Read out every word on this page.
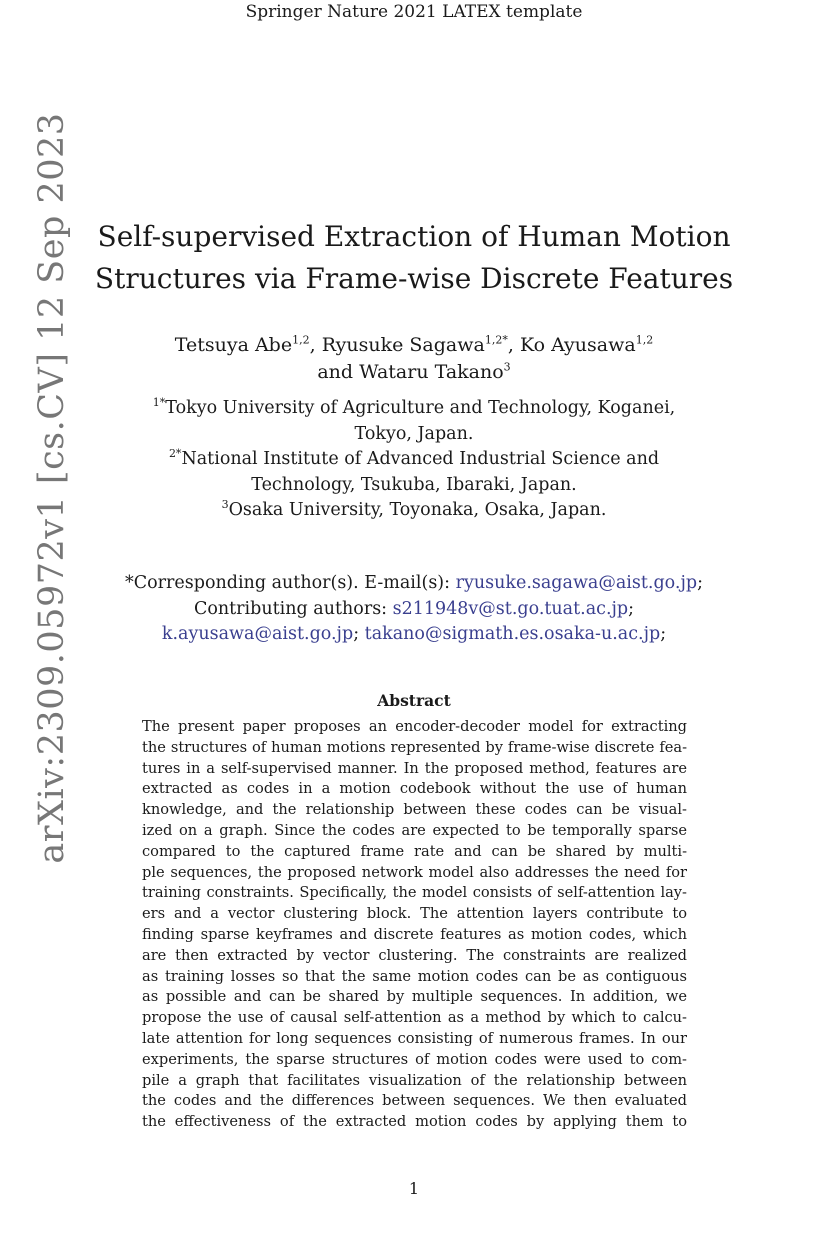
Springer Nature 2021 LATEX template
arXiv:2309.05972v1 [cs.CV] 12 Sep 2023 Self-supervised Extraction of Human Motion
Structures via Frame-wise Discrete Features
Tetsuya Abe$^{1,2}$, Ryusuke Sagawa$^{1,2*}$, Ko Ayusawa$^{1,2}$
and Wataru Takano$^3$
$^{1*}$Tokyo University of Agriculture and Technology, Koganei,
Tokyo, Japan.
$^{2*}$National Institute of Advanced Industrial Science and
Technology, Tsukuba, Ibaraki, Japan.
$^3$Osaka University, Toyonaka, Osaka, Japan.
*Corresponding author(s). E-mail(s): ryusuke.sagawa@aist.go.jp;
Contributing authors: s211948v@st.go.tuat.ac.jp;
k.ayusawa@aist.go.jp; takano@sigmath.es.osaka-u.ac.jp;
Abstract
The present paper proposes an encoder-decoder model for extracting
the structures of human motions represented by frame-wise discrete fea-
tures in a self-supervised manner. In the proposed method, features are
extracted as codes in a motion codebook without the use of human
knowledge, and the relationship between these codes can be visual-
ized on a graph. Since the codes are expected to be temporally sparse
compared to the captured frame rate and can be shared by multi-
ple sequences, the proposed network model also addresses the need for
training constraints. Specifically, the model consists of self-attention lay-
ers and a vector clustering block. The attention layers contribute to
finding sparse keyframes and discrete features as motion codes, which
are then extracted by vector clustering. The constraints are realized
as training losses so that the same motion codes can be as contiguous
as possible and can be shared by multiple sequences. In addition, we
propose the use of causal self-attention as a method by which to calcu-
late attention for long sequences consisting of numerous frames. In our
experiments, the sparse structures of motion codes were used to com-
pile a graph that facilitates visualization of the relationship between
the codes and the differences between sequences. We then evaluated
the effectiveness of the extracted motion codes by applying them to
1
